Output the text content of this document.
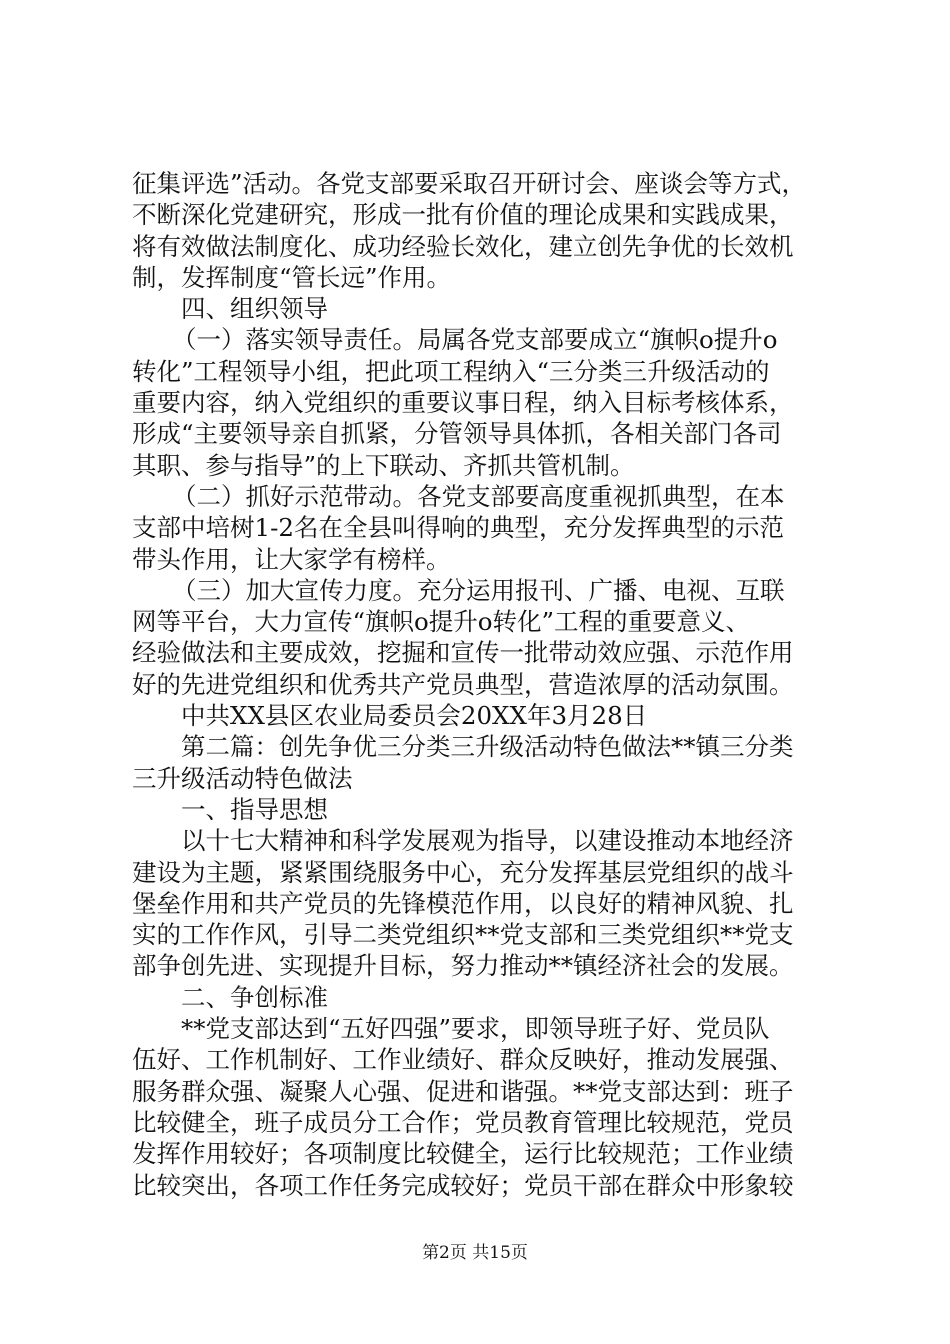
征集评选”活动。各党支部要采取召开研讨会、座谈会等方式，
不断深化党建研究，形成一批有价值的理论成果和实践成果，
将有效做法制度化、成功经验长效化，建立创先争优的长效机
制，发挥制度“管长远”作用。
四、组织领导
（一）落实领导责任。局属各党支部要成立“旗帜ο提升ο
转化”工程领导小组，把此项工程纳入“三分类三升级活动的
重要内容，纳入党组织的重要议事日程，纳入目标考核体系，
形成“主要领导亲自抓紧，分管领导具体抓，各相关部门各司
其职、参与指导”的上下联动、齐抓共管机制。
（二）抓好示范带动。各党支部要高度重视抓典型，在本
支部中培树1-2名在全县叫得响的典型，充分发挥典型的示范
带头作用，让大家学有榜样。
（三）加大宣传力度。充分运用报刊、广播、电视、互联
网等平台，大力宣传“旗帜ο提升ο转化”工程的重要意义、
经验做法和主要成效，挖掘和宣传一批带动效应强、示范作用
好的先进党组织和优秀共产党员典型，营造浓厚的活动氛围。
中共XX县区农业局委员会20XX年3月28日
第二篇：创先争优三分类三升级活动特色做法**镇三分类
三升级活动特色做法
一、指导思想
以十七大精神和科学发展观为指导，以建设推动本地经济
建设为主题，紧紧围绕服务中心，充分发挥基层党组织的战斗
堡垒作用和共产党员的先锋模范作用，以良好的精神风貌、扎
实的工作作风，引导二类党组织**党支部和三类党组织**党支
部争创先进、实现提升目标，努力推动**镇经济社会的发展。
二、争创标准
**党支部达到“五好四强”要求，即领导班子好、党员队
伍好、工作机制好、工作业绩好、群众反映好，推动发展强、
服务群众强、凝聚人心强、促进和谐强。**党支部达到：班子
比较健全，班子成员分工合作；党员教育管理比较规范，党员
发挥作用较好；各项制度比较健全，运行比较规范；工作业绩
比较突出，各项工作任务完成较好；党员干部在群众中形象较
第2页 共15页
